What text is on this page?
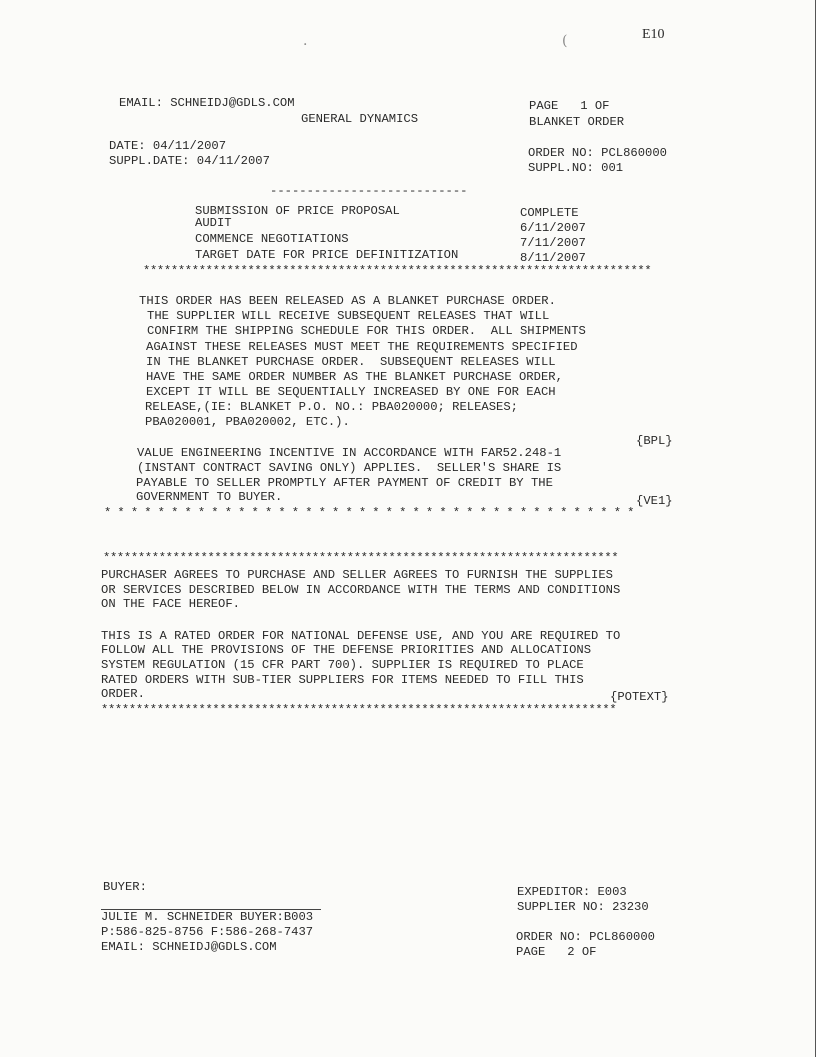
·	(	E10
EMAIL: SCHNEIDJ@GDLS.COM
GENERAL DYNAMICS
PAGE   1 OF
BLANKET ORDER
DATE: 04/11/2007
SUPPL.DATE: 04/11/2007
ORDER NO: PCL860000
SUPPL.NO: 001
---------------------------
SUBMISSION OF PRICE PROPOSAL	COMPLETE
AUDIT	6/11/2007
COMMENCE NEGOTIATIONS	7/11/2007
TARGET DATE FOR PRICE DEFINITIZATION	8/11/2007
*************************************************************************
THIS ORDER HAS BEEN RELEASED AS A BLANKET PURCHASE ORDER.
THE SUPPLIER WILL RECEIVE SUBSEQUENT RELEASES THAT WILL
CONFIRM THE SHIPPING SCHEDULE FOR THIS ORDER.  ALL SHIPMENTS
AGAINST THESE RELEASES MUST MEET THE REQUIREMENTS SPECIFIED
IN THE BLANKET PURCHASE ORDER.  SUBSEQUENT RELEASES WILL
HAVE THE SAME ORDER NUMBER AS THE BLANKET PURCHASE ORDER,
EXCEPT IT WILL BE SEQUENTIALLY INCREASED BY ONE FOR EACH
RELEASE,(IE: BLANKET P.O. NO.: PBA020000; RELEASES;
PBA020001, PBA020002, ETC.).
{BPL}
VALUE ENGINEERING INCENTIVE IN ACCORDANCE WITH FAR52.248-1
(INSTANT CONTRACT SAVING ONLY) APPLIES.  SELLER'S SHARE IS
PAYABLE TO SELLER PROMPTLY AFTER PAYMENT OF CREDIT BY THE
GOVERNMENT TO BUYER.	{VE1}
****************************************
**************************************************************************
PURCHASER AGREES TO PURCHASE AND SELLER AGREES TO FURNISH THE SUPPLIES
OR SERVICES DESCRIBED BELOW IN ACCORDANCE WITH THE TERMS AND CONDITIONS
ON THE FACE HEREOF.
THIS IS A RATED ORDER FOR NATIONAL DEFENSE USE, AND YOU ARE REQUIRED TO
FOLLOW ALL THE PROVISIONS OF THE DEFENSE PRIORITIES AND ALLOCATIONS
SYSTEM REGULATION (15 CFR PART 700). SUPPLIER IS REQUIRED TO PLACE
RATED ORDERS WITH SUB-TIER SUPPLIERS FOR ITEMS NEEDED TO FILL THIS
ORDER.	{POTEXT}
**************************************************************************
BUYER:
JULIE M. SCHNEIDER BUYER:B003
P:586-825-8756 F:586-268-7437
EMAIL: SCHNEIDJ@GDLS.COM
EXPEDITOR: E003
SUPPLIER NO: 23230
ORDER NO: PCL860000
PAGE   2 OF
